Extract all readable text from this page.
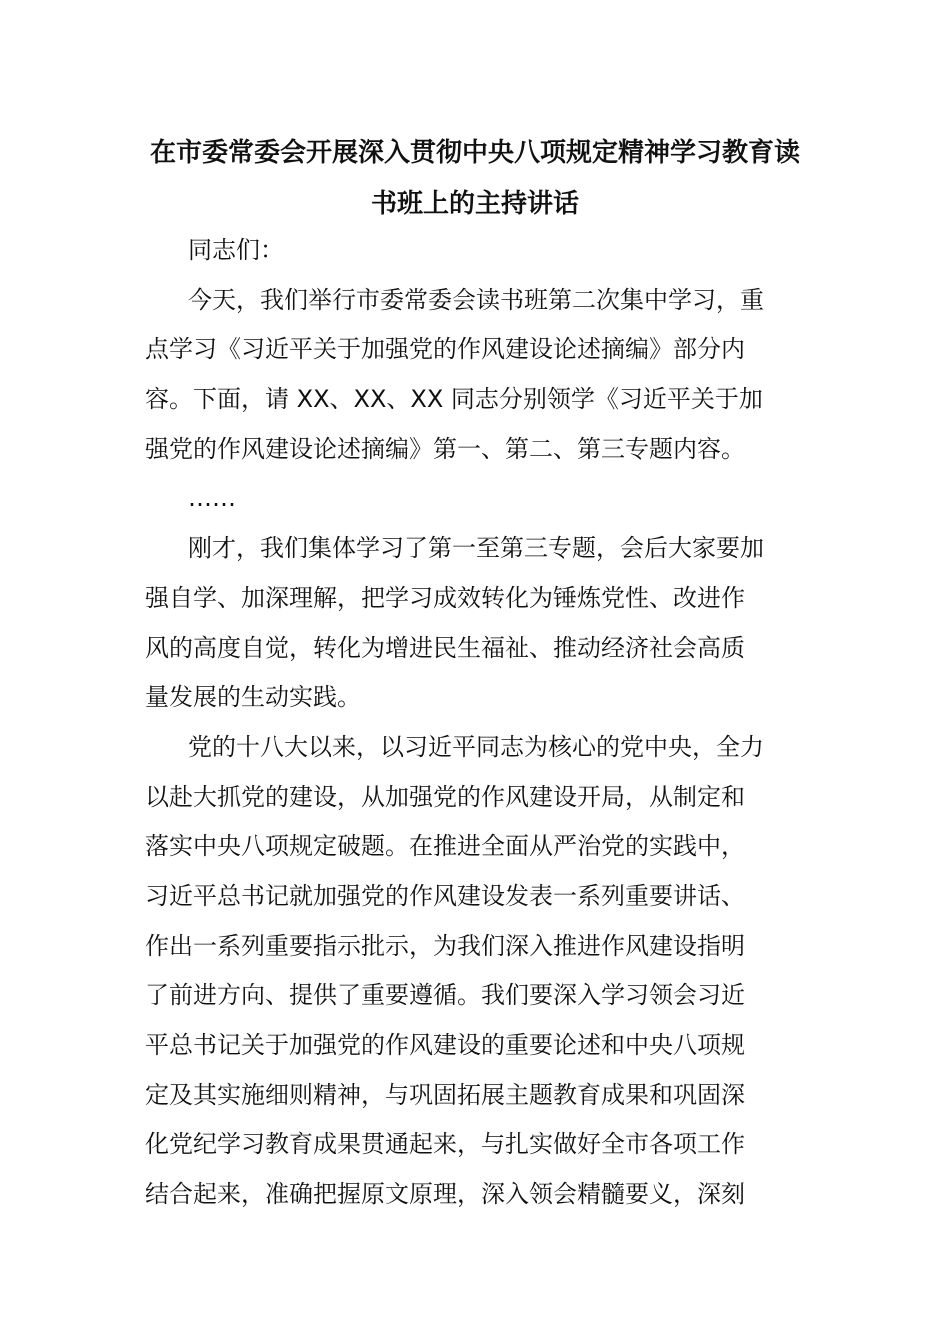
在市委常委会开展深入贯彻中央八项规定精神学习教育读
书班上的主持讲话
同志们：
今天，我们举行市委常委会读书班第二次集中学习，重
点学习《习近平关于加强党的作风建设论述摘编》部分内
容。下面，请 XX、XX、XX 同志分别领学《习近平关于加
强党的作风建设论述摘编》第一、第二、第三专题内容。
……
刚才，我们集体学习了第一至第三专题，会后大家要加
强自学、加深理解，把学习成效转化为锤炼党性、改进作
风的高度自觉，转化为增进民生福祉、推动经济社会高质
量发展的生动实践。
党的十八大以来，以习近平同志为核心的党中央，全力
以赴大抓党的建设，从加强党的作风建设开局，从制定和
落实中央八项规定破题。在推进全面从严治党的实践中，
习近平总书记就加强党的作风建设发表一系列重要讲话、
作出一系列重要指示批示，为我们深入推进作风建设指明
了前进方向、提供了重要遵循。我们要深入学习领会习近
平总书记关于加强党的作风建设的重要论述和中央八项规
定及其实施细则精神，与巩固拓展主题教育成果和巩固深
化党纪学习教育成果贯通起来，与扎实做好全市各项工作
结合起来，准确把握原文原理，深入领会精髓要义，深刻
